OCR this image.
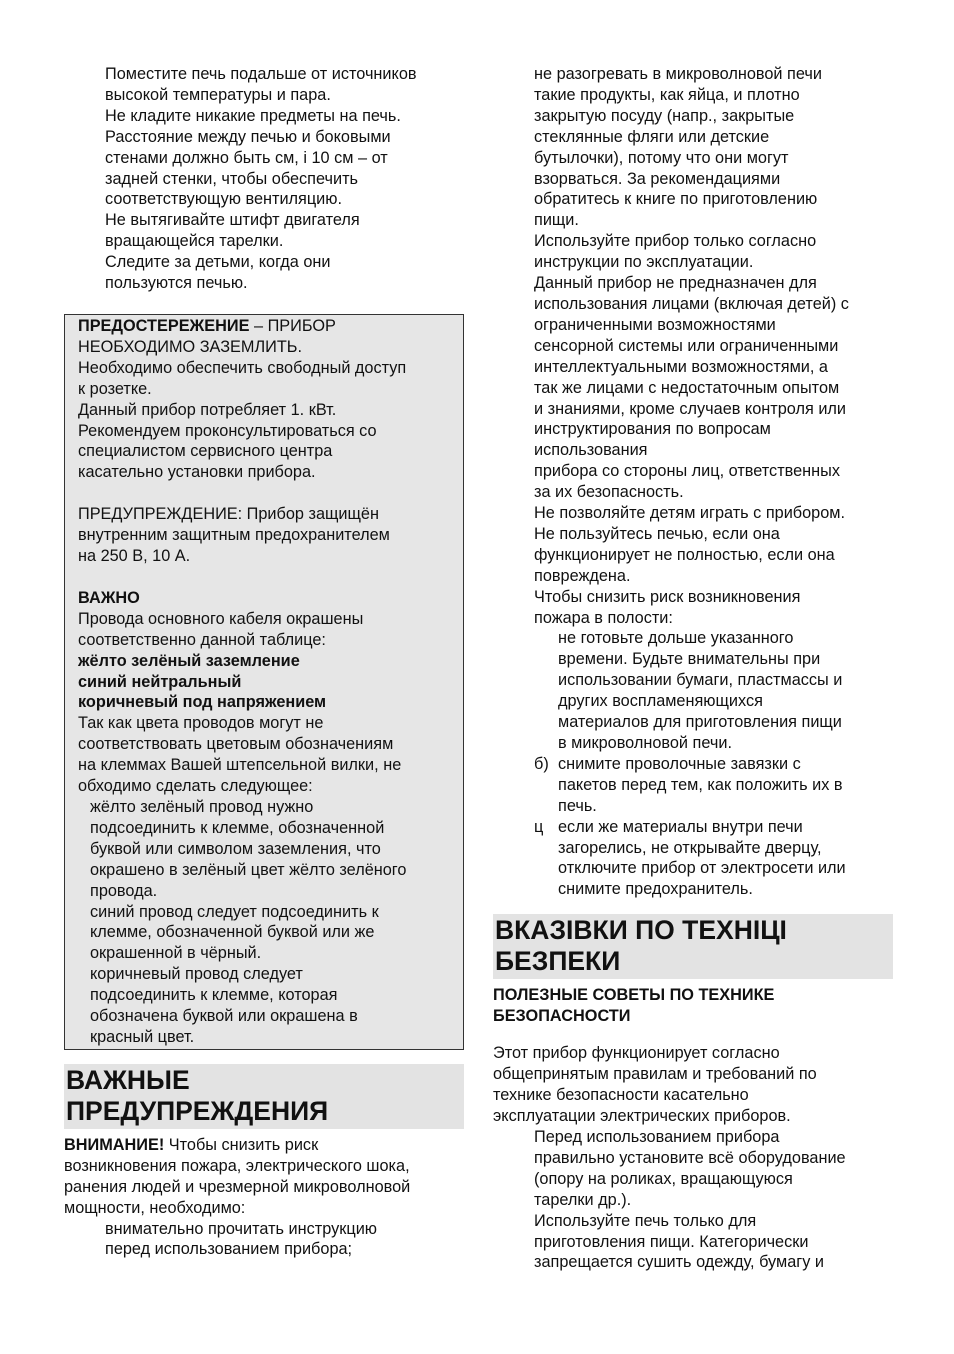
Поместите печь подальше от источников
высокой температуры и пара.

Не кладите никакие предметы на печь.

Расстояние между печью и боковыми
стенами должно быть см, і 10 см – от
задней стенки, чтобы обеспечить
соответствующую вентиляцию.

Не вытягивайте штифт двигателя
вращающейся тарелки.

Следите за детьми, когда они
пользуются печью.

ПРЕДОСТЕРЕЖЕНИЕ – ПРИБОР
НЕОБХОДИМО ЗАЗЕМЛИТЬ.

Необходимо обеспечить свободный доступ
к розетке.

Данный прибор потребляет 1. кВт.

Рекомендуем проконсультироваться со
специалистом сервисного центра
касательно установки прибора.

ПРЕДУПРЕЖДЕНИЕ: Прибор защищён
внутренним защитным предохранителем
на 250 В, 10 А.

ВАЖНО

Провода основного кабеля окрашены
соответственно данной таблице:

жёлто зелёный заземление

синий нейтральный

коричневый под напряжением

Так как цвета проводов могут не
соответствовать цветовым обозначениям
на клеммах Вашей штепсельной вилки, не
обходимо сделать следующее:

жёлто зелёный провод нужно
подсоединить к клемме, обозначенной
буквой или символом заземления, что
окрашено в зелёный цвет жёлто зелёного
провода.

синий провод следует подсоединить к
клемме, обозначенной буквой или же
окрашенной в чёрный.

коричневый провод следует
подсоединить к клемме, которая
обозначена буквой или окрашена в
красный цвет.

ВАЖНЫЕ
ПРЕДУПРЕЖДЕНИЯ

ВНИМАНИЕ! Чтобы снизить риск
возникновения пожара, электрического шока,
ранения людей и чрезмерной микроволновой
мощности, необходимо:

внимательно прочитать инструкцию
перед использованием прибора;

не разогревать в микроволновой печи
такие продукты, как яйца, и плотно
закрытую посуду (напр., закрытые
стеклянные фляги или детские
бутылочки), потому что они могут
взорваться. За рекомендациями
обратитесь к книге по приготовлению
пищи.

Используйте прибор только согласно
инструкции по эксплуатации.

Данный прибор не предназначен для
использования лицами (включая детей) с
ограниченными возможностями
сенсорной системы или ограниченными
интеллектуальными возможностями, а
так же лицами с недостаточным опытом
и знаниями, кроме случаев контроля или
инструктирования по вопросам
использования
прибора со стороны лиц, ответственных
за их безопасность.

Не позволяйте детям играть с прибором.

Не пользуйтесь печью, если она
функционирует не полностью, если она
повреждена.

Чтобы снизить риск возникновения
пожара в полости:

не готовьте дольше указанного
времени. Будьте внимательны при
использовании бумаги, пластмассы и
других воспламеняющихся
материалов для приготовления пищи
в микроволновой печи.

б) снимите проволочные завязки с
пакетов перед тем, как положить их в
печь.

ц если же материалы внутри печи
загорелись, не открывайте дверцу,
отключите прибор от электросети или
снимите предохранитель.

ВКАЗІВКИ ПО ТЕХНІЦІ
БЕЗПЕКИ

ПОЛЕЗНЫЕ СОВЕТЫ ПО ТЕХНИКЕ
БЕЗОПАСНОСТИ

Этот прибор функционирует согласно
общепринятым правилам и требований по
технике безопасности касательно
эксплуатации электрических приборов.

Перед использованием прибора
правильно установите всё оборудование
(опору на роликах, вращающуюся
тарелки др.).

Используйте печь только для
приготовления пищи. Категорически
запрещается сушить одежду, бумагу и
